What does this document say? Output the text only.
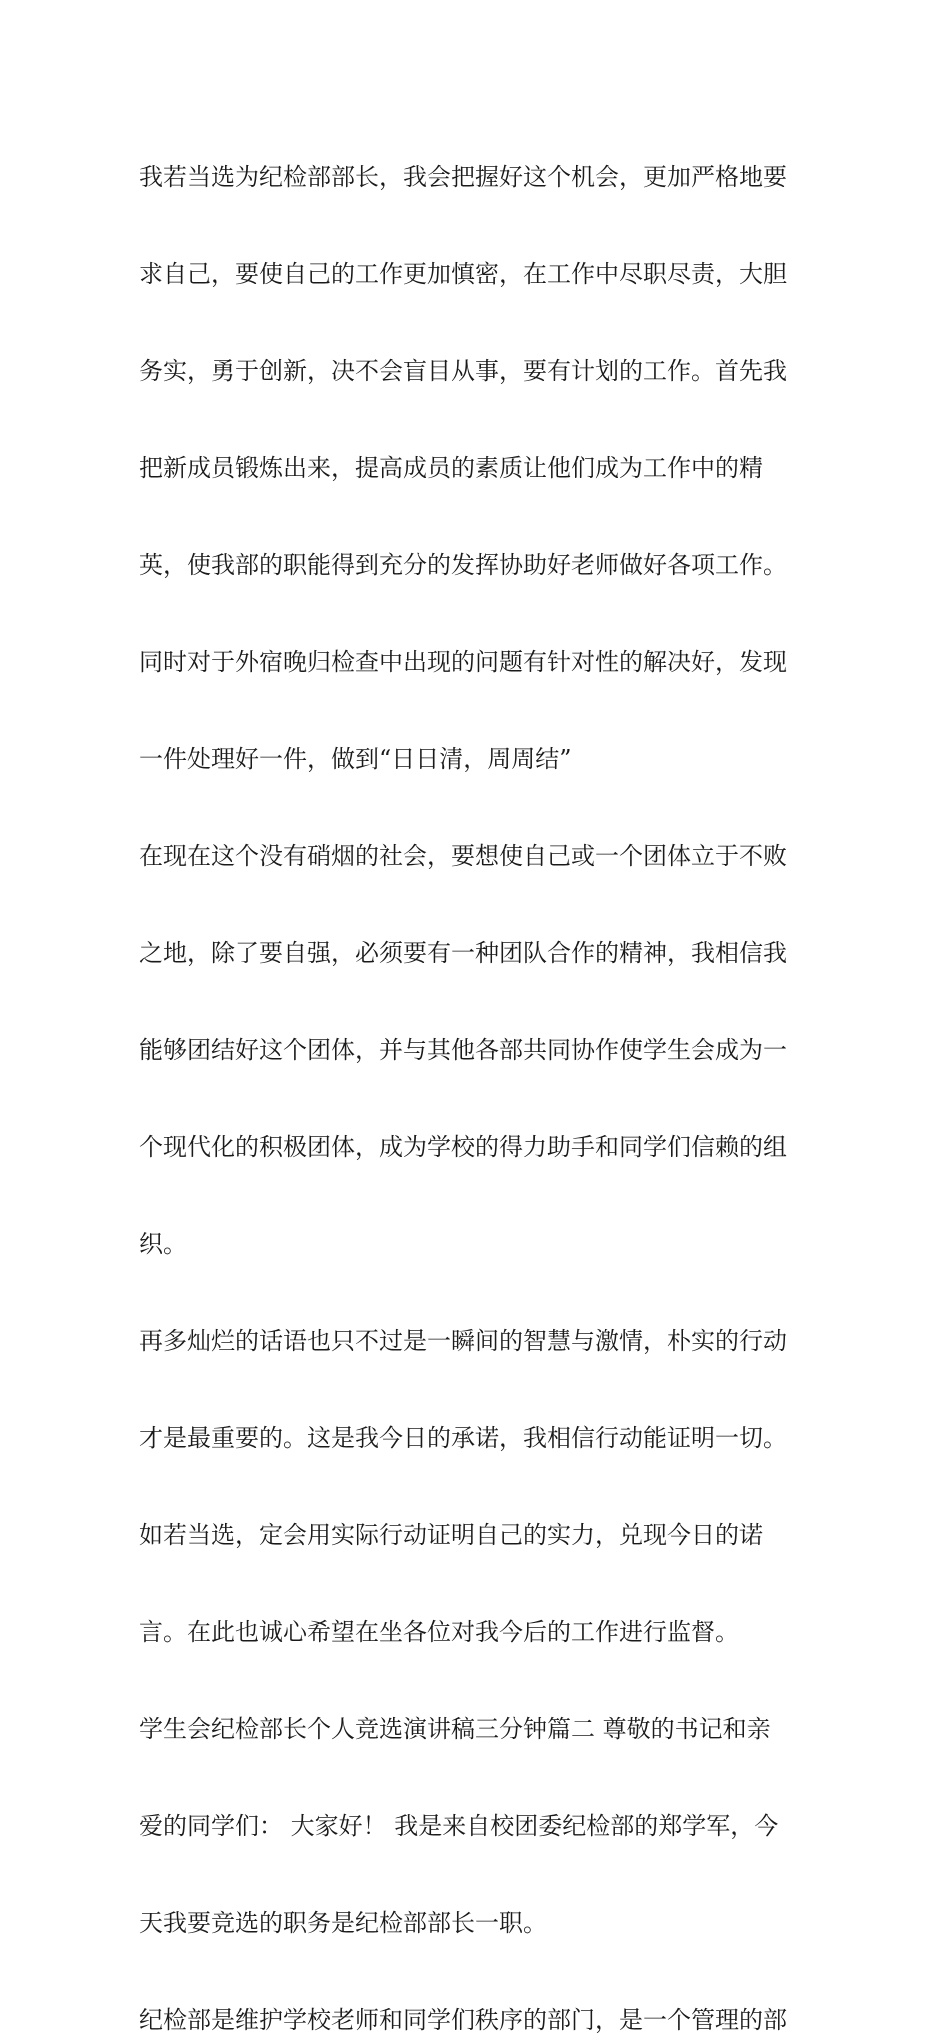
我若当选为纪检部部长，我会把握好这个机会，更加严格地要

求自己，要使自己的工作更加慎密，在工作中尽职尽责，大胆

务实，勇于创新，决不会盲目从事，要有计划的工作。首先我

把新成员锻炼出来，提高成员的素质让他们成为工作中的精

英，使我部的职能得到充分的发挥协助好老师做好各项工作。

同时对于外宿晚归检查中出现的问题有针对性的解决好，发现

一件处理好一件，做到“日日清，周周结”

在现在这个没有硝烟的社会，要想使自己或一个团体立于不败

之地，除了要自强，必须要有一种团队合作的精神，我相信我

能够团结好这个团体，并与其他各部共同协作使学生会成为一

个现代化的积极团体，成为学校的得力助手和同学们信赖的组

织。

再多灿烂的话语也只不过是一瞬间的智慧与激情，朴实的行动

才是最重要的。这是我今日的承诺，我相信行动能证明一切。

如若当选，定会用实际行动证明自己的实力，兑现今日的诺

言。在此也诚心希望在坐各位对我今后的工作进行监督。

学生会纪检部长个人竞选演讲稿三分钟篇二 尊敬的书记和亲

爱的同学们： 大家好！ 我是来自校团委纪检部的郑学军，今

天我要竞选的职务是纪检部部长一职。

纪检部是维护学校老师和同学们秩序的部门，是一个管理的部
